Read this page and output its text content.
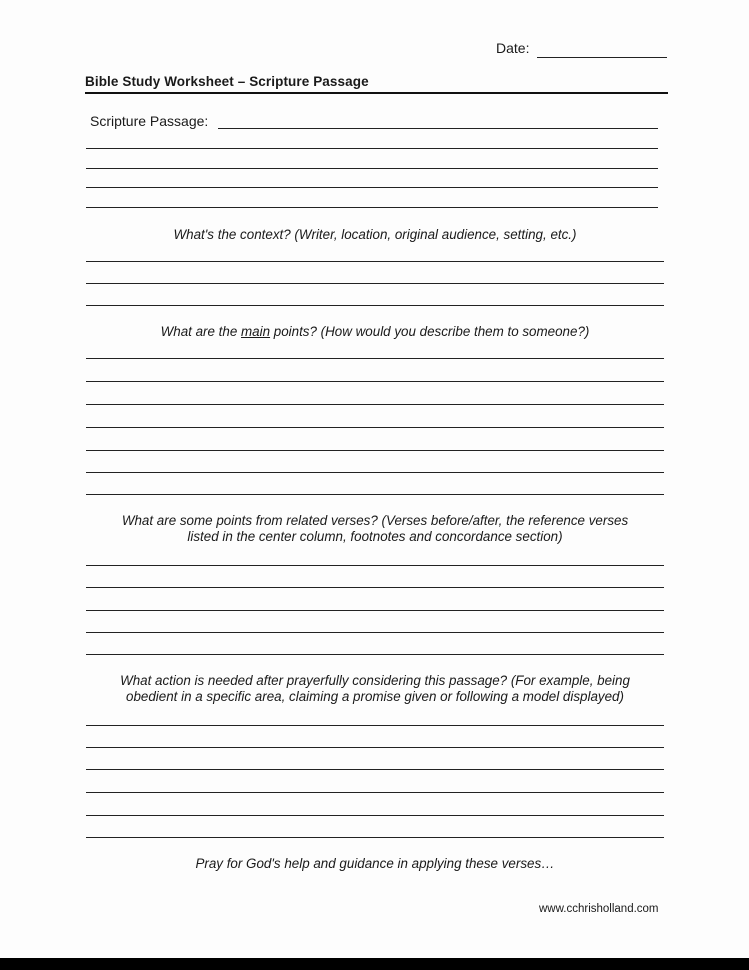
Date:
Bible Study Worksheet – Scripture Passage
Scripture Passage:
What's the context? (Writer, location, original audience, setting, etc.)
What are the main points? (How would you describe them to someone?)
What are some points from related verses? (Verses before/after, the reference verses
listed in the center column, footnotes and concordance section)
What action is needed after prayerfully considering this passage? (For example, being
obedient in a specific area, claiming a promise given or following a model displayed)
Pray for God's help and guidance in applying these verses…
www.cchrisholland.com
